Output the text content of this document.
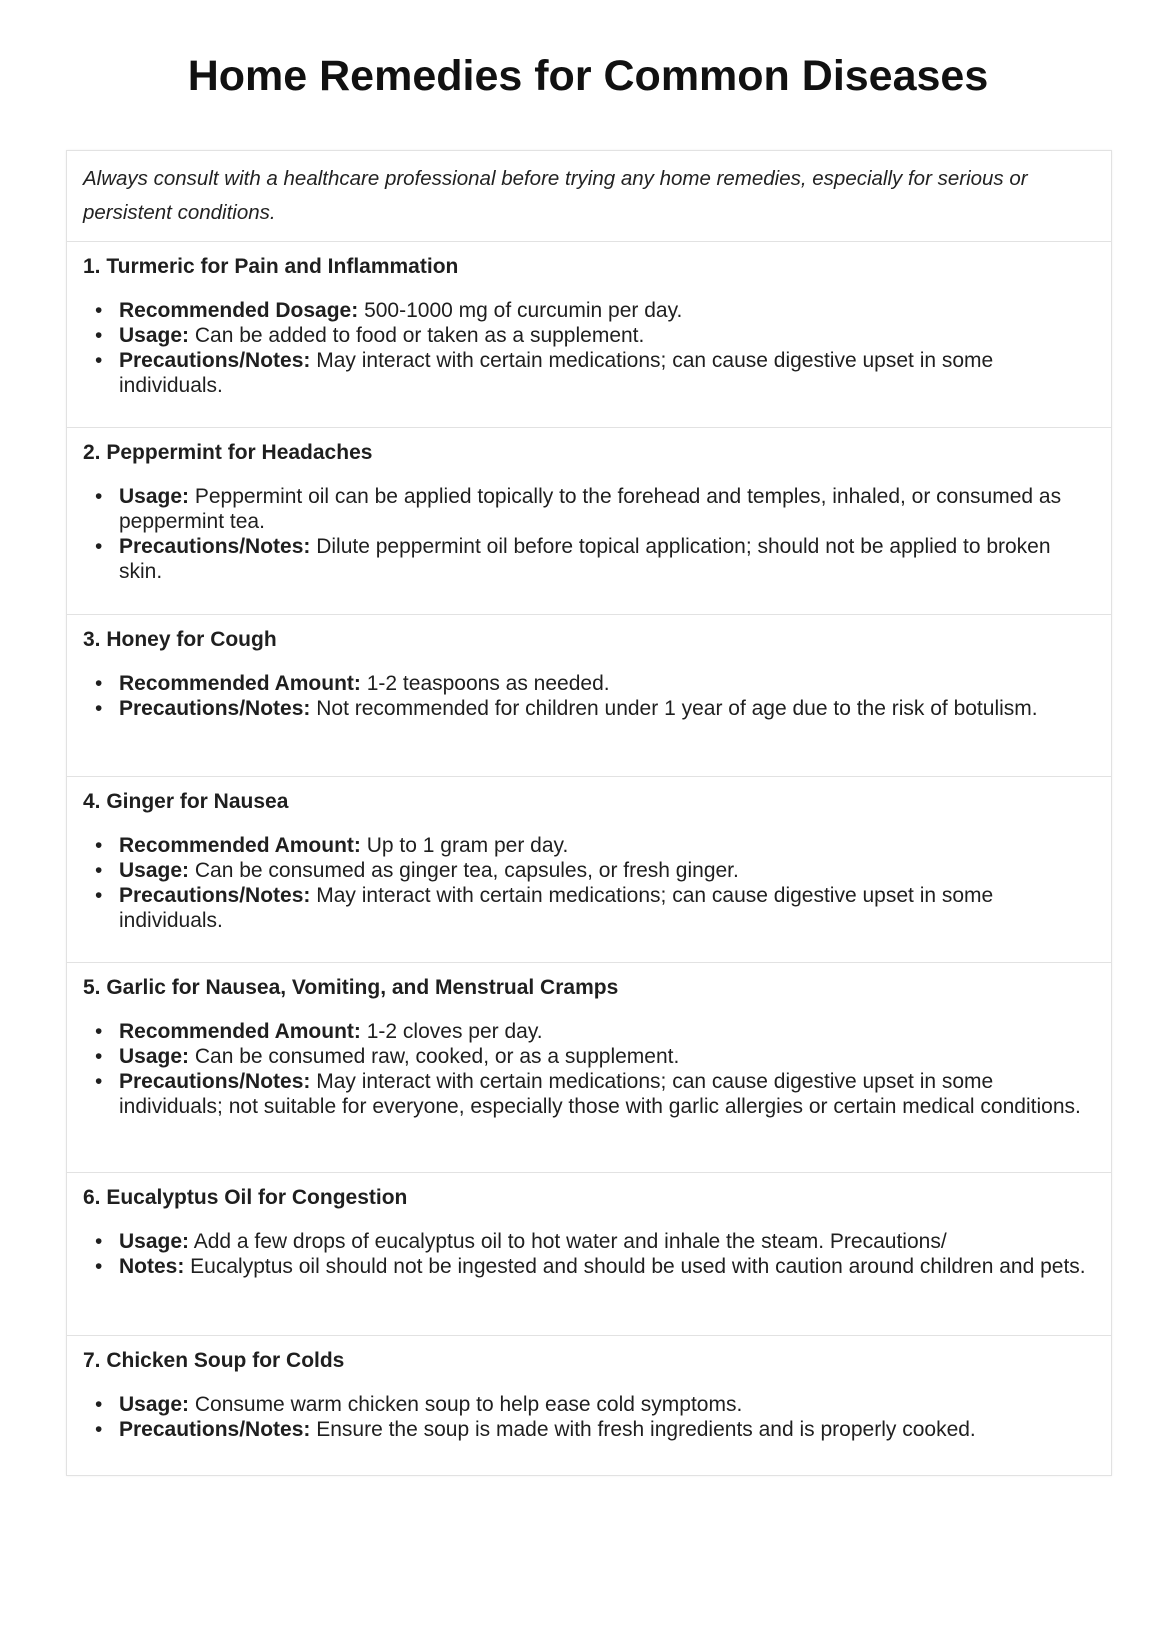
Home Remedies for Common Diseases

Always consult with a healthcare professional before trying any home remedies, especially for serious or persistent conditions.

1. Turmeric for Pain and Inflammation
• Recommended Dosage: 500-1000 mg of curcumin per day.
• Usage: Can be added to food or taken as a supplement.
• Precautions/Notes: May interact with certain medications; can cause digestive upset in some individuals.
2. Peppermint for Headaches
• Usage: Peppermint oil can be applied topically to the forehead and temples, inhaled, or consumed as peppermint tea.
• Precautions/Notes: Dilute peppermint oil before topical application; should not be applied to broken skin.
3. Honey for Cough
• Recommended Amount: 1-2 teaspoons as needed.
• Precautions/Notes: Not recommended for children under 1 year of age due to the risk of botulism.
4. Ginger for Nausea
• Recommended Amount: Up to 1 gram per day.
• Usage: Can be consumed as ginger tea, capsules, or fresh ginger.
• Precautions/Notes: May interact with certain medications; can cause digestive upset in some individuals.
5. Garlic for Nausea, Vomiting, and Menstrual Cramps
• Recommended Amount: 1-2 cloves per day.
• Usage: Can be consumed raw, cooked, or as a supplement.
• Precautions/Notes: May interact with certain medications; can cause digestive upset in some individuals; not suitable for everyone, especially those with garlic allergies or certain medical conditions.
6. Eucalyptus Oil for Congestion
• Usage: Add a few drops of eucalyptus oil to hot water and inhale the steam. Precautions/
• Notes: Eucalyptus oil should not be ingested and should be used with caution around children and pets.
7. Chicken Soup for Colds
• Usage: Consume warm chicken soup to help ease cold symptoms.
• Precautions/Notes: Ensure the soup is made with fresh ingredients and is properly cooked.
